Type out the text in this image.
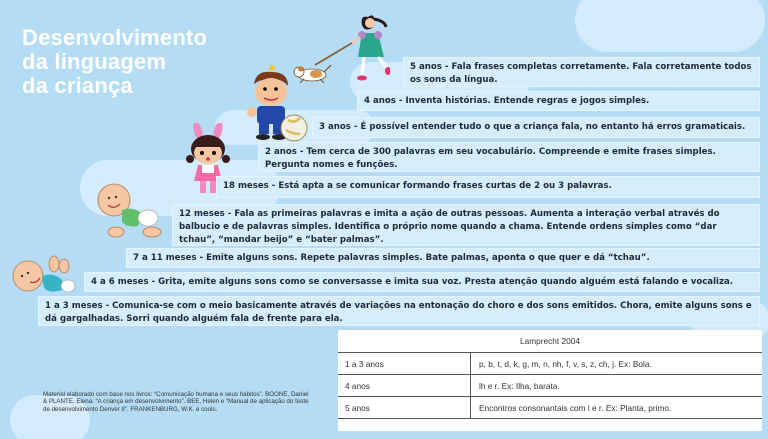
Desenvolvimento
da linguagem
da criança
5 anos - Fala frases completas corretamente. Fala corretamente todos os sons da língua.
4 anos - Inventa histórias. Entende regras e jogos simples.
3 anos - É possível entender tudo o que a criança fala, no entanto há erros gramaticais.
2 anos - Tem cerca de 300 palavras em seu vocabulário. Compreende e emite frases simples. Pergunta nomes e funções.
18 meses - Está apta a se comunicar formando frases curtas de 2 ou 3 palavras.
12 meses - Fala as primeiras palavras e imita a ação de outras pessoas. Aumenta a interação verbal através do balbucio e de palavras simples. Identifica o próprio nome quando a chama. Entende ordens simples como “dar tchau”, “mandar beijo” e “bater palmas”.
7 a 11 meses - Emite alguns sons. Repete palavras simples. Bate palmas, aponta o que quer e dá “tchau”.
4 a 6 meses - Grita, emite alguns sons como se conversasse e imita sua voz. Presta atenção quando alguém está falando e vocaliza.
1 a 3 meses - Comunica-se com o meio basicamente através de variações na entonação do choro e dos sons emitidos. Chora, emite alguns sons e dá gargalhadas. Sorri quando alguém fala de frente para ela.
Lamprecht 2004
1 a 3 anos	p, b, t, d, k, g, m, n, nh, f, v, s, z, ch, j. Ex: Bola.
4 anos	lh e r. Ex: Ilha, barata.
5 anos	Encontros consonantais com l e r. Ex: Planta, primo.
Material elaborado com base nos livros: “Comunicação humana e seus hábitos”. BOONE, Daniel & PLANTE, Elena. “A criança em desenvolvimento”. BEE, Helen e “Manual de aplicação do teste de desenvolvimento Denver II”. FRANKENBURG, W.K. e cools.
